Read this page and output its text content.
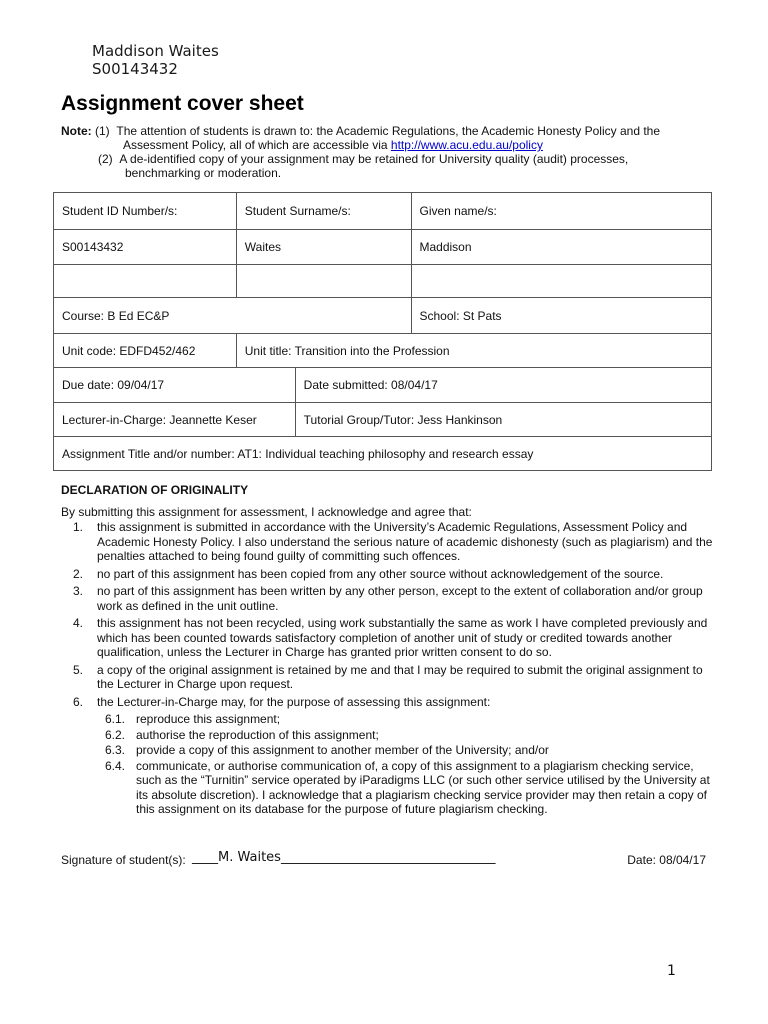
Maddison Waites
S00143432
Assignment cover sheet
Note: (1) The attention of students is drawn to: the Academic Regulations, the Academic Honesty Policy and the
Assessment Policy, all of which are accessible via http://www.acu.edu.au/policy
(2) A de-identified copy of your assignment may be retained for University quality (audit) processes,
benchmarking or moderation.
Student ID Number/s:	Student Surname/s:		Given name/s:
S00143432	Waites		Maddison

Course: B Ed EC&P			School: St Pats
Unit code: EDFD452/462	Unit title: Transition into the Profession		
Due date: 09/04/17		Date submitted: 08/04/17	
Lecturer-in-Charge: Jeannette Keser		Tutorial Group/Tutor: Jess Hankinson	
Assignment Title and/or number: AT1: Individual teaching philosophy and research essay			
DECLARATION OF ORIGINALITY
By submitting this assignment for assessment, I acknowledge and agree that:
1. this assignment is submitted in accordance with the University’s Academic Regulations, Assessment Policy and Academic Honesty Policy. I also understand the serious nature of academic dishonesty (such as plagiarism) and the penalties attached to being found guilty of committing such offences.
2. no part of this assignment has been copied from any other source without acknowledgement of the source.
3. no part of this assignment has been written by any other person, except to the extent of collaboration and/or group work as defined in the unit outline.
4. this assignment has not been recycled, using work substantially the same as work I have completed previously and which has been counted towards satisfactory completion of another unit of study or credited towards another qualification, unless the Lecturer in Charge has granted prior written consent to do so.
5. a copy of the original assignment is retained by me and that I may be required to submit the original assignment to the Lecturer in Charge upon request.
6. the Lecturer-in-Charge may, for the purpose of assessing this assignment:
6.1. reproduce this assignment;
6.2. authorise the reproduction of this assignment;
6.3. provide a copy of this assignment to another member of the University; and/or
6.4. communicate, or authorise communication of, a copy of this assignment to a plagiarism checking service, such as the “Turnitin” service operated by iParadigms LLC (or such other service utilised by the University at its absolute discretion). I acknowledge that a plagiarism checking service provider may then retain a copy of this assignment on its database for the purpose of future plagiarism checking.
Signature of student(s): ____M. Waites_________________________________	Date: 08/04/17
1
